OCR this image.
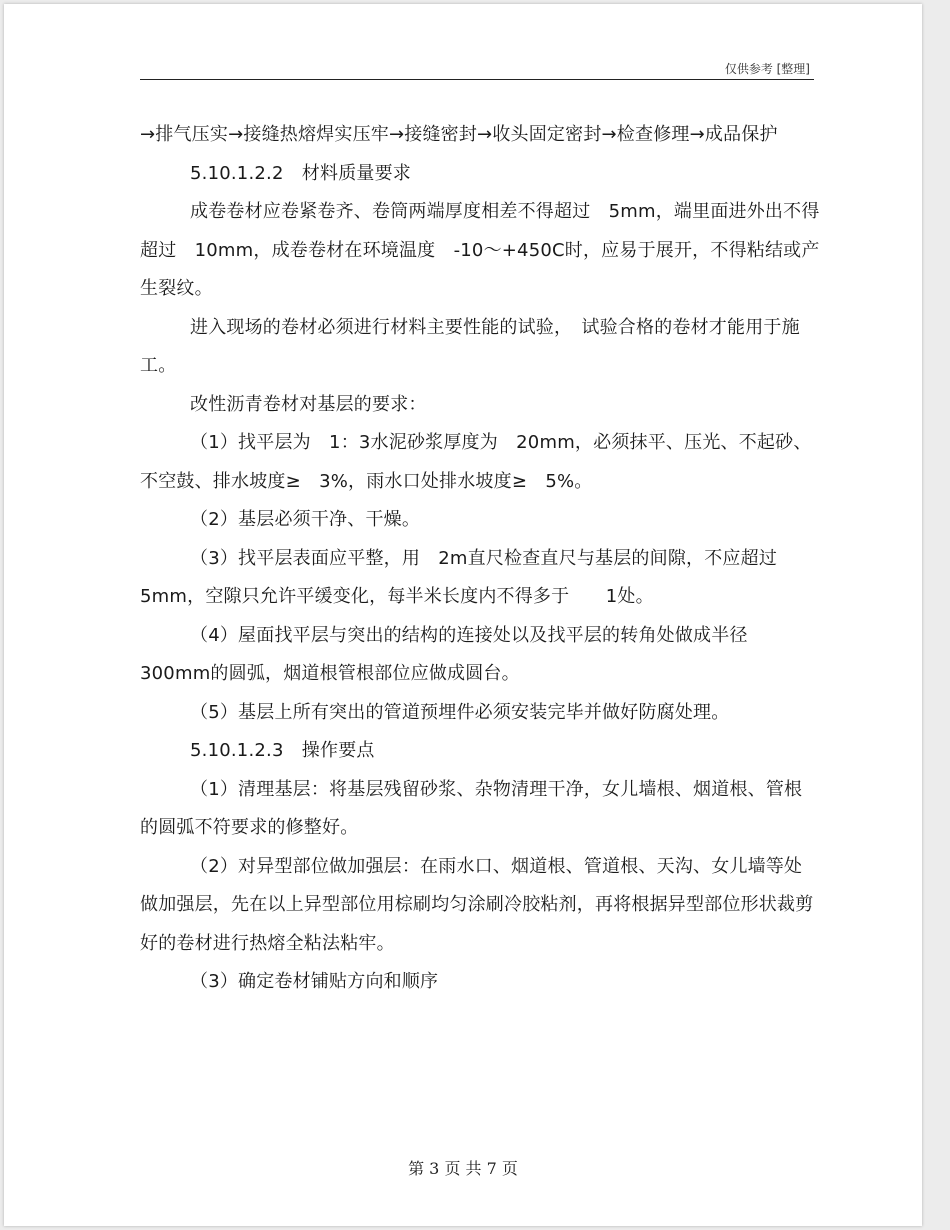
仅供参考 [整理]

→排气压实→接缝热熔焊实压牢→接缝密封→收头固定密封→检查修理→成品保护

5.10.1.2.2　材料质量要求

成卷卷材应卷紧卷齐、卷筒两端厚度相差不得超过　5mm，端里面进外出不得超过　10mm，成卷卷材在环境温度　-10～+450C时，应易于展开，不得粘结或产生裂纹。

进入现场的卷材必须进行材料主要性能的试验，　试验合格的卷材才能用于施工。

改性沥青卷材对基层的要求：

（1）找平层为　1：3水泥砂浆厚度为　20mm，必须抹平、压光、不起砂、不空鼓、排水坡度≥　3%，雨水口处排水坡度≥　5%。

（2）基层必须干净、干燥。

（3）找平层表面应平整，用　2m直尺检查直尺与基层的间隙，不应超过　5mm，空隙只允许平缓变化，每半米长度内不得多于　　1处。

（4）屋面找平层与突出的结构的连接处以及找平层的转角处做成半径　300mm的圆弧，烟道根管根部位应做成圆台。

（5）基层上所有突出的管道预埋件必须安装完毕并做好防腐处理。

5.10.1.2.3　操作要点

（1）清理基层：将基层残留砂浆、杂物清理干净，女儿墙根、烟道根、管根的圆弧不符要求的修整好。

（2）对异型部位做加强层：在雨水口、烟道根、管道根、天沟、女儿墙等处做加强层，先在以上异型部位用棕刷均匀涂刷冷胶粘剂，再将根据异型部位形状裁剪好的卷材进行热熔全粘法粘牢。

（3）确定卷材铺贴方向和顺序

第 3 页 共 7 页
